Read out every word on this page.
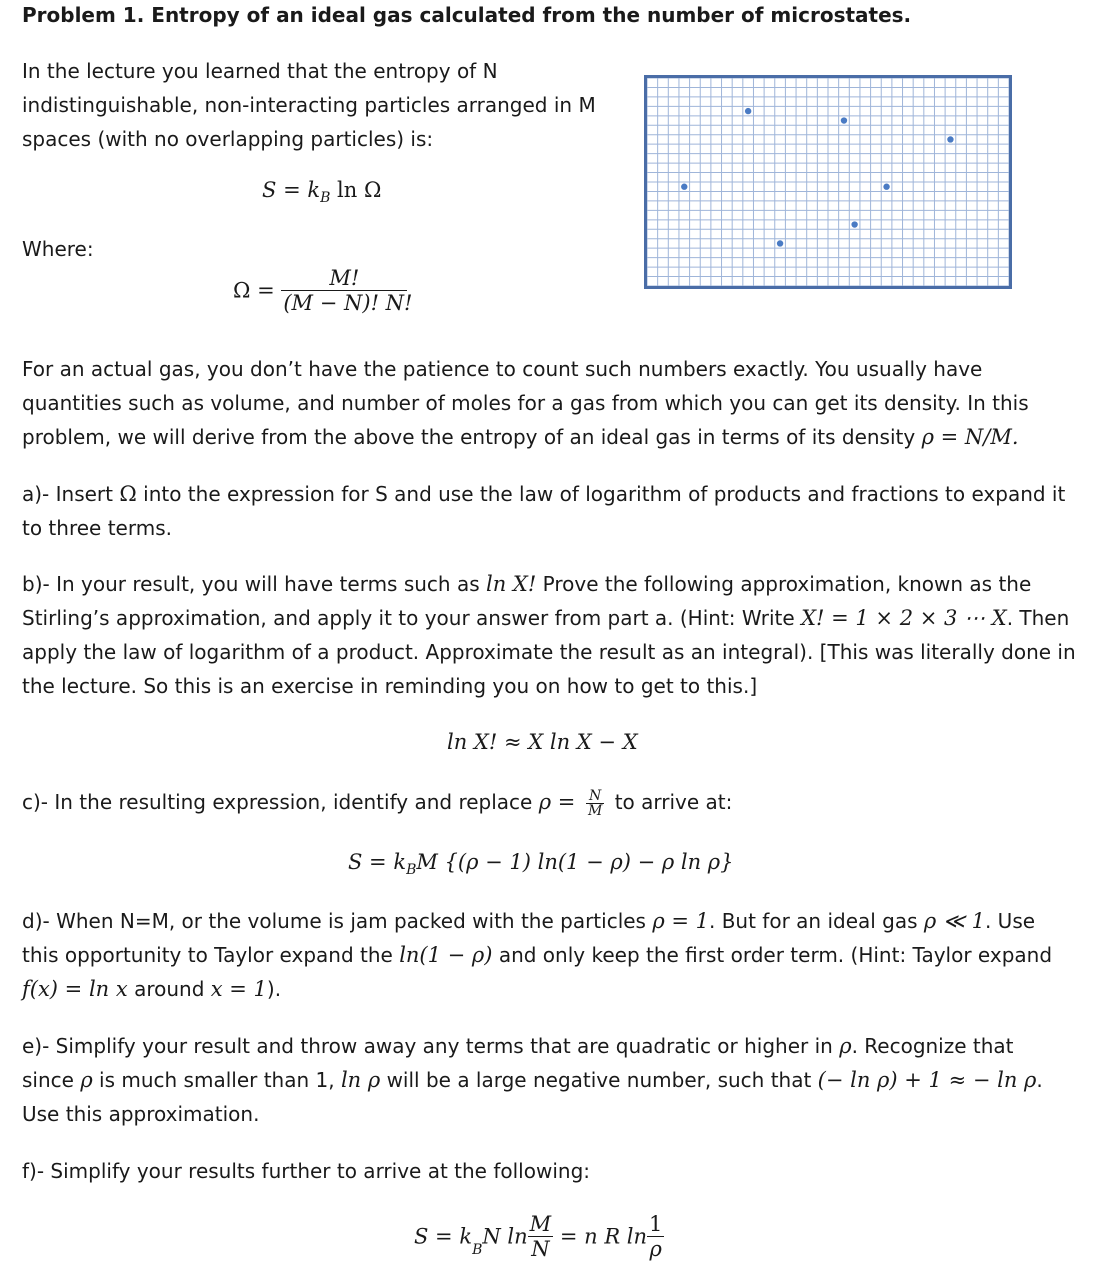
Problem 1. Entropy of an ideal gas calculated from the number of microstates.
In the lecture you learned that the entropy of N
indistinguishable, non-interacting particles arranged in M
spaces (with no overlapping particles) is:
$S = k_B$ ln Ω
Where:
$\Omega = \frac{M!}{(M - N)! N!}$
For an actual gas, you don’t have the patience to count such numbers exactly. You usually have
quantities such as volume, and number of moles for a gas from which you can get its density. In this
problem, we will derive from the above the entropy of an ideal gas in terms of its density ρ = N/M.
a)- Insert Ω into the expression for S and use the law of logarithm of products and fractions to expand it
to three terms.
b)- In your result, you will have terms such as ln X! Prove the following approximation, known as the
Stirling’s approximation, and apply it to your answer from part a. (Hint: Write X! = 1 × 2 × 3 ⋯ X. Then
apply the law of logarithm of a product. Approximate the result as an integral). [This was literally done in
the lecture. So this is an exercise in reminding you on how to get to this.]
ln X! ≈ X ln X − X
c)- In the resulting expression, identify and replace $\rho = \frac{N}{M}$ to arrive at:
$S = k_BM$ {(ρ − 1) ln(1 − ρ) − ρ ln ρ}
d)- When N=M, or the volume is jam packed with the particles ρ = 1. But for an ideal gas ρ ≪ 1. Use
this opportunity to Taylor expand the ln(1 − ρ) and only keep the first order term. (Hint: Taylor expand
f(x) = ln x around x = 1).
e)- Simplify your result and throw away any terms that are quadratic or higher in ρ. Recognize that
since ρ is much smaller than 1, ln ρ will be a large negative number, such that (− ln ρ) + 1 ≈ − ln ρ.
Use this approximation.
f)- Simplify your results further to arrive at the following:
$S = k_BN$ $\ln \frac{M}{N} = n$ R $\ln \frac{1}{\rho}$
